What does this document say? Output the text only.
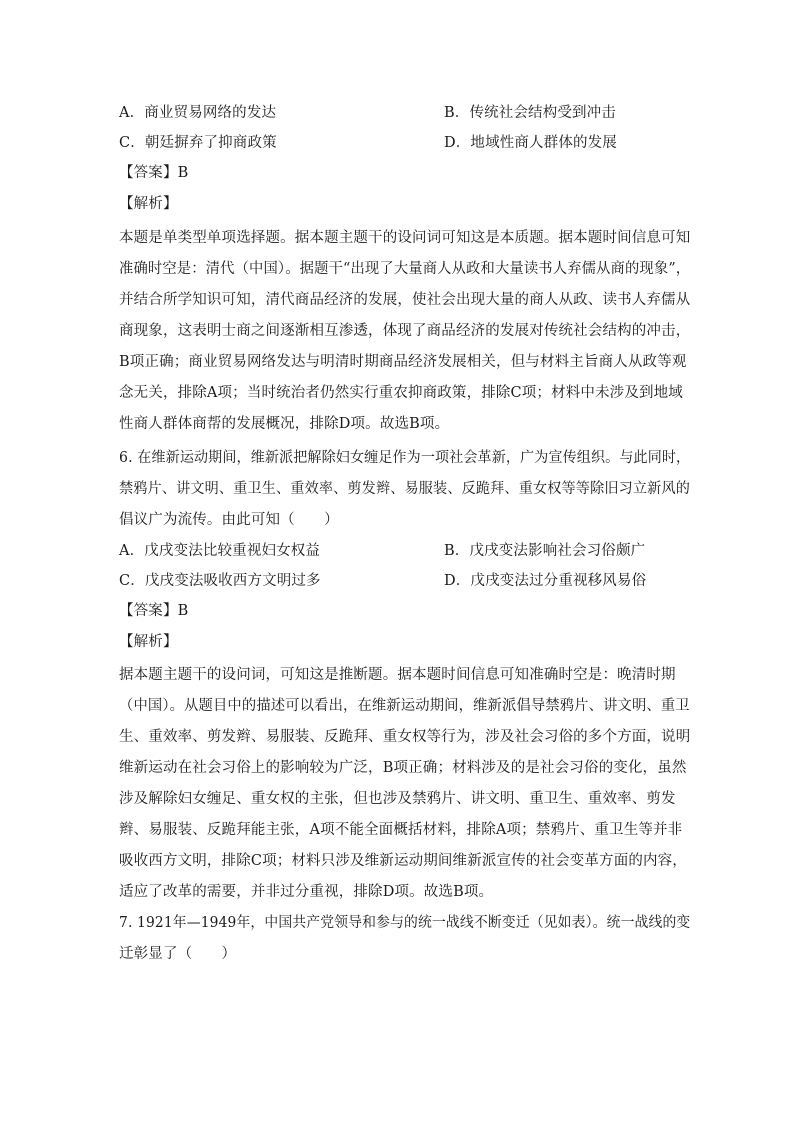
A．商业贸易网络的发达	B．传统社会结构受到冲击
C．朝廷摒弃了抑商政策	D．地域性商人群体的发展
【答案】B
【解析】
本题是单类型单项选择题。据本题主题干的设问词可知这是本质题。据本题时间信息可知
准确时空是：清代（中国）。据题干“出现了大量商人从政和大量读书人弃儒从商的现象”，
并结合所学知识可知，清代商品经济的发展，使社会出现大量的商人从政、读书人弃儒从
商现象，这表明士商之间逐渐相互渗透，体现了商品经济的发展对传统社会结构的冲击，
B项正确；商业贸易网络发达与明清时期商品经济发展相关，但与材料主旨商人从政等观
念无关，排除A项；当时统治者仍然实行重农抑商政策，排除C项；材料中未涉及到地域
性商人群体商帮的发展概况，排除D项。故选B项。
6. 在维新运动期间，维新派把解除妇女缠足作为一项社会革新，广为宣传组织。与此同时，
禁鸦片、讲文明、重卫生、重效率、剪发辫、易服装、反跪拜、重女权等等除旧习立新风的
倡议广为流传。由此可知（　　）
A．戊戌变法比较重视妇女权益	B．戊戌变法影响社会习俗颇广
C．戊戌变法吸收西方文明过多	D．戊戌变法过分重视移风易俗
【答案】B
【解析】
据本题主题干的设问词，可知这是推断题。据本题时间信息可知准确时空是：晚清时期
（中国）。从题目中的描述可以看出，在维新运动期间，维新派倡导禁鸦片、讲文明、重卫
生、重效率、剪发辫、易服装、反跪拜、重女权等行为，涉及社会习俗的多个方面，说明
维新运动在社会习俗上的影响较为广泛，B项正确；材料涉及的是社会习俗的变化，虽然
涉及解除妇女缠足、重女权的主张，但也涉及禁鸦片、讲文明、重卫生、重效率、剪发
辫、易服装、反跪拜能主张，A项不能全面概括材料，排除A项；禁鸦片、重卫生等并非
吸收西方文明，排除C项；材料只涉及维新运动期间维新派宣传的社会变革方面的内容，
适应了改革的需要，并非过分重视，排除D项。故选B项。
7. 1921年—1949年，中国共产党领导和参与的统一战线不断变迁（见如表）。统一战线的变
迁彰显了（　　）
